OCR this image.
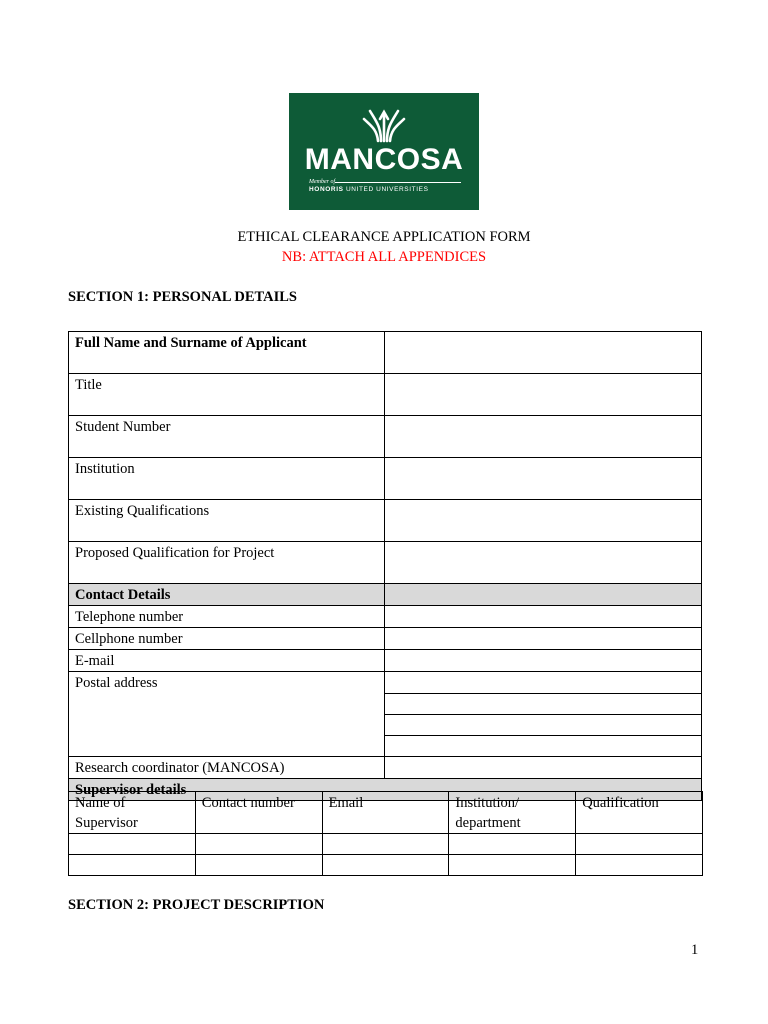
MANCOSA
Member of
HONORIS UNITED UNIVERSITIES
ETHICAL CLEARANCE APPLICATION FORM
NB: ATTACH ALL APPENDICES
SECTION 1: PERSONAL DETAILS
Full Name and Surname of Applicant	
Title	
Student Number	
Institution	
Existing Qualifications	
Proposed Qualification for Project	
Contact Details	
Telephone number	
Cellphone number	
E-mail	
Postal address	

Research coordinator (MANCOSA)	
Supervisor details
Name of Supervisor	Contact number	Email	Institution/ department	Qualification

SECTION 2: PROJECT DESCRIPTION
1
